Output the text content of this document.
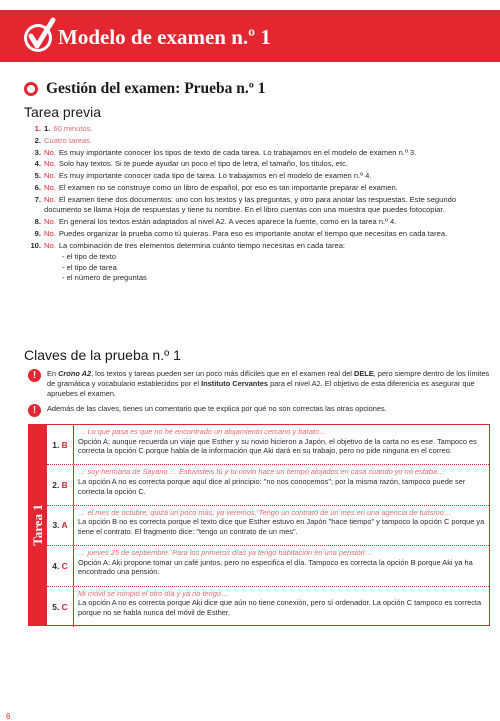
Modelo de examen n.º 1
Gestión del examen: Prueba n.º 1
Tarea previa
1. 1. 60 minutos.
2. Cuatro tareas.
3. No. Es muy importante conocer los tipos de texto de cada tarea. Lo trabajamos en el modelo de examen n.º 3.
4. No. Solo hay textos. Si te puede ayudar un poco el tipo de letra, el tamaño, los títulos, etc.
5. No. Es muy importante conocer cada tipo de tarea. Lo trabajamos en el modelo de examen n.º 4.
6. No. El examen no se construye como un libro de español, por eso es tan importante preparar el examen.
7. No. El examen tiene dos documentos: uno con los textos y las preguntas, y otro para anotar las respuestas. Este segundo documento se llama Hoja de respuestas y tiene tu nombre. En el libro cuentas con una muestra que puedes fotocopiar.
8. No. En general los textos están adaptados al nivel A2. A veces aparece la fuente, como en la tarea n.º 4.
9. No. Puedes organizar la prueba como tú quieras. Para eso es importante anotar el tiempo que necesitas en cada tarea.
10. No. La combinación de tres elementos determina cuánto tiempo necesitas en cada tarea:
- el tipo de texto
- el tipo de tarea
- el número de preguntas
Claves de la prueba n.º 1
!	En Crono A2, los textos y tareas pueden ser un poco más difíciles que en el examen real del DELE, pero siempre dentro de los límites de gramática y vocabulario establecidos por el Instituto Cervantes para el nivel A2. El objetivo de esta diferencia es asegurar que apruebes el examen.
!	Además de las claves, tienes un comentario que te explica por qué no son correctas las otras opciones.
Tarea 1
1. B
… Lo que pasa es que no he encontrado un alojamiento cercano y barato…
Opción A: aunque recuerda un viaje que Esther y su novio hicieron a Japón, el objetivo de la carta no es ese. Tampoco es correcta la opción C porque habla de la información que Aki dará en su trabajo, pero no pide ninguna en el correo.
2. B
… soy hermana de Sayano … Estuvisteis tú y tu novio hace un tiempo alojados en casa cuando yo no estaba…
La opción A no es correcta porque aquí dice al principio: "no nos conocemos"; por la misma razón, tampoco puede ser correcta la opción C.
3. A
… el mes de octubre, quizá un poco más, ya veremos. Tengo un contrato de un mes en una agencia de turismo…
La opción B no es correcta porque el texto dice que Esther estuvo en Japón "hace tiempo" y tampoco la opción C porque ya tiene el contrato. El fragmento dice: "tengo un contrato de un mes".
4. C
… jueves 25 de septiembre. Para los primeros días ya tengo habitación en una pensión…
Opción A: Aki propone tomar un café juntos, pero no especifica el día. Tampoco es correcta la opción B porque Aki ya ha encontrado una pensión.
5. C
Mi móvil se rompió el otro día y ya no tengo…
La opción A no es correcta porque Aki dice que aún no tiene conexión, pero sí ordenador. La opción C tampoco es correcta porque no se habla nunca del móvil de Esther.
6
